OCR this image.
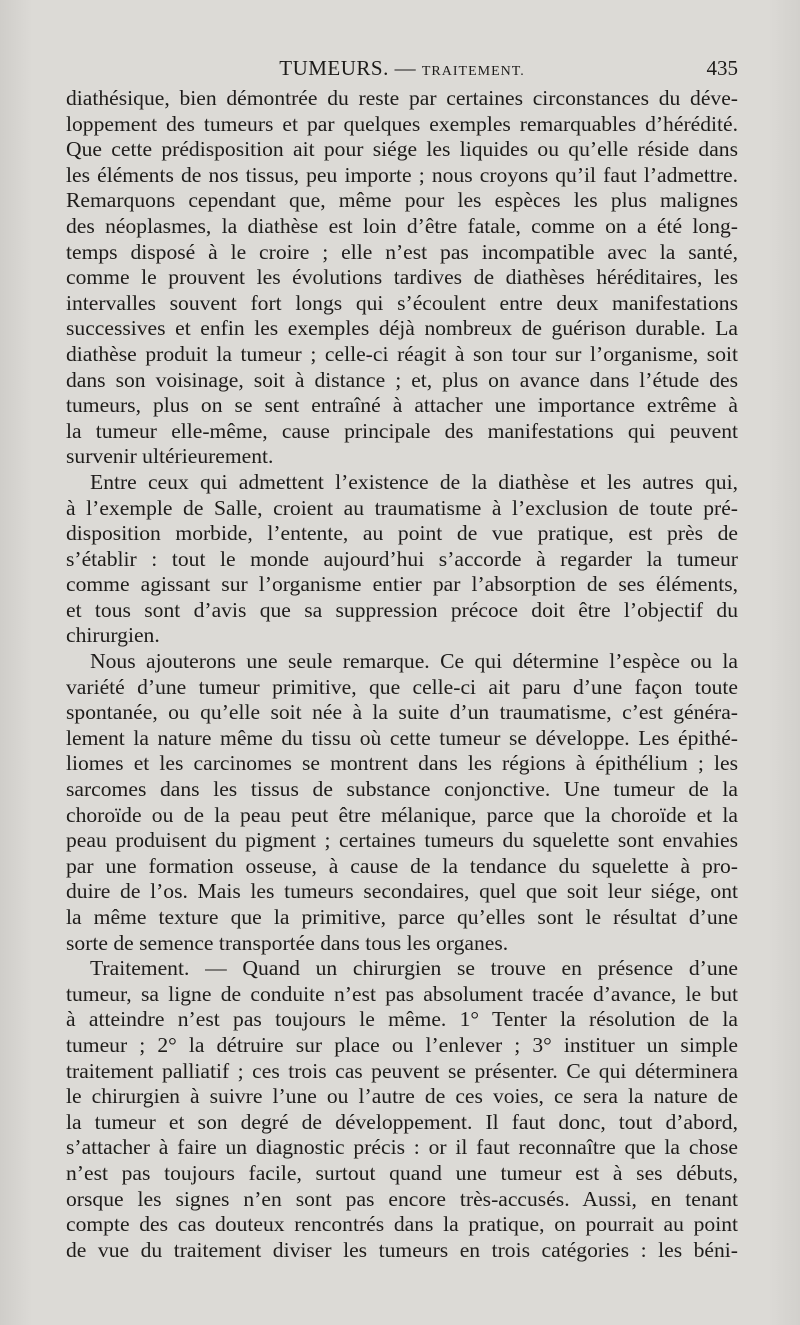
TUMEURS. — TRAITEMENT.	435
diathésique, bien démontrée du reste par certaines circonstances du déve-
loppement des tumeurs et par quelques exemples remarquables d’hérédité.
Que cette prédisposition ait pour siége les liquides ou qu’elle réside dans
les éléments de nos tissus, peu importe ; nous croyons qu’il faut l’admettre.
Remarquons cependant que, même pour les espèces les plus malignes
des néoplasmes, la diathèse est loin d’être fatale, comme on a été long-
temps disposé à le croire ; elle n’est pas incompatible avec la santé,
comme le prouvent les évolutions tardives de diathèses héréditaires, les
intervalles souvent fort longs qui s’écoulent entre deux manifestations
successives et enfin les exemples déjà nombreux de guérison durable. La
diathèse produit la tumeur ; celle-ci réagit à son tour sur l’organisme, soit
dans son voisinage, soit à distance ; et, plus on avance dans l’étude des
tumeurs, plus on se sent entraîné à attacher une importance extrême à
la tumeur elle-même, cause principale des manifestations qui peuvent
survenir ultérieurement.
Entre ceux qui admettent l’existence de la diathèse et les autres qui,
à l’exemple de Salle, croient au traumatisme à l’exclusion de toute pré-
disposition morbide, l’entente, au point de vue pratique, est près de
s’établir : tout le monde aujourd’hui s’accorde à regarder la tumeur
comme agissant sur l’organisme entier par l’absorption de ses éléments,
et tous sont d’avis que sa suppression précoce doit être l’objectif du
chirurgien.
Nous ajouterons une seule remarque. Ce qui détermine l’espèce ou la
variété d’une tumeur primitive, que celle-ci ait paru d’une façon toute
spontanée, ou qu’elle soit née à la suite d’un traumatisme, c’est généra-
lement la nature même du tissu où cette tumeur se développe. Les épithé-
liomes et les carcinomes se montrent dans les régions à épithélium ; les
sarcomes dans les tissus de substance conjonctive. Une tumeur de la
choroïde ou de la peau peut être mélanique, parce que la choroïde et la
peau produisent du pigment ; certaines tumeurs du squelette sont envahies
par une formation osseuse, à cause de la tendance du squelette à pro-
duire de l’os. Mais les tumeurs secondaires, quel que soit leur siége, ont
la même texture que la primitive, parce qu’elles sont le résultat d’une
sorte de semence transportée dans tous les organes.
Traitement. — Quand un chirurgien se trouve en présence d’une
tumeur, sa ligne de conduite n’est pas absolument tracée d’avance, le but
à atteindre n’est pas toujours le même. 1° Tenter la résolution de la
tumeur ; 2° la détruire sur place ou l’enlever ; 3° instituer un simple
traitement palliatif ; ces trois cas peuvent se présenter. Ce qui déterminera
le chirurgien à suivre l’une ou l’autre de ces voies, ce sera la nature de
la tumeur et son degré de développement. Il faut donc, tout d’abord,
s’attacher à faire un diagnostic précis : or il faut reconnaître que la chose
n’est pas toujours facile, surtout quand une tumeur est à ses débuts,
orsque les signes n’en sont pas encore très-accusés. Aussi, en tenant
compte des cas douteux rencontrés dans la pratique, on pourrait au point
de vue du traitement diviser les tumeurs en trois catégories : les béni-
